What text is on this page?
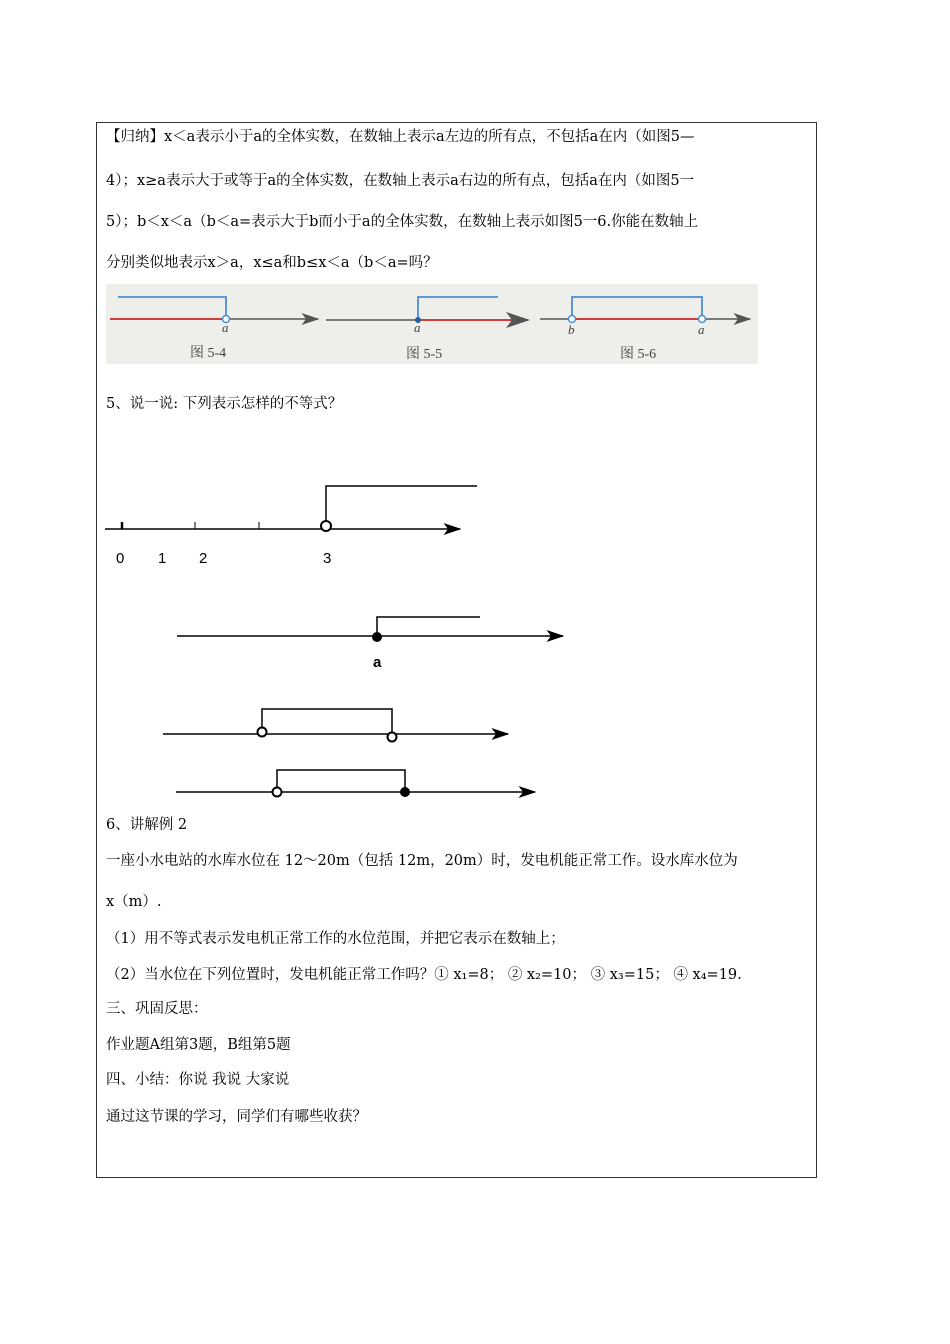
【归纳】x＜a表示小于a的全体实数，在数轴上表示a左边的所有点，不包括a在内（如图5—
4）；x≥a表示大于或等于a的全体实数，在数轴上表示a右边的所有点，包括a在内（如图5一
5）；b＜x＜a（b＜a=表示大于b而小于a的全体实数，在数轴上表示如图5一6.你能在数轴上
分别类似地表示x＞a，x≤a和b≤x＜a（b＜a=吗？
图 5-4	图 5-5	图 5-6
a	a	b	a
5、说一说: 下列表示怎样的不等式？
0 1 2	3
a
6、讲解例 2
一座小水电站的水库水位在 12～20m（包括 12m，20m）时，发电机能正常工作。设水库水位为
x（m）.
（1）用不等式表示发电机正常工作的水位范围，并把它表示在数轴上；
（2）当水位在下列位置时，发电机能正常工作吗？① x₁=8； ② x₂=10； ③ x₃=15； ④ x₄=19.
三、巩固反思：
作业题A组第3题，B组第5题
四、小结：你说 我说 大家说
通过这节课的学习，同学们有哪些收获？
